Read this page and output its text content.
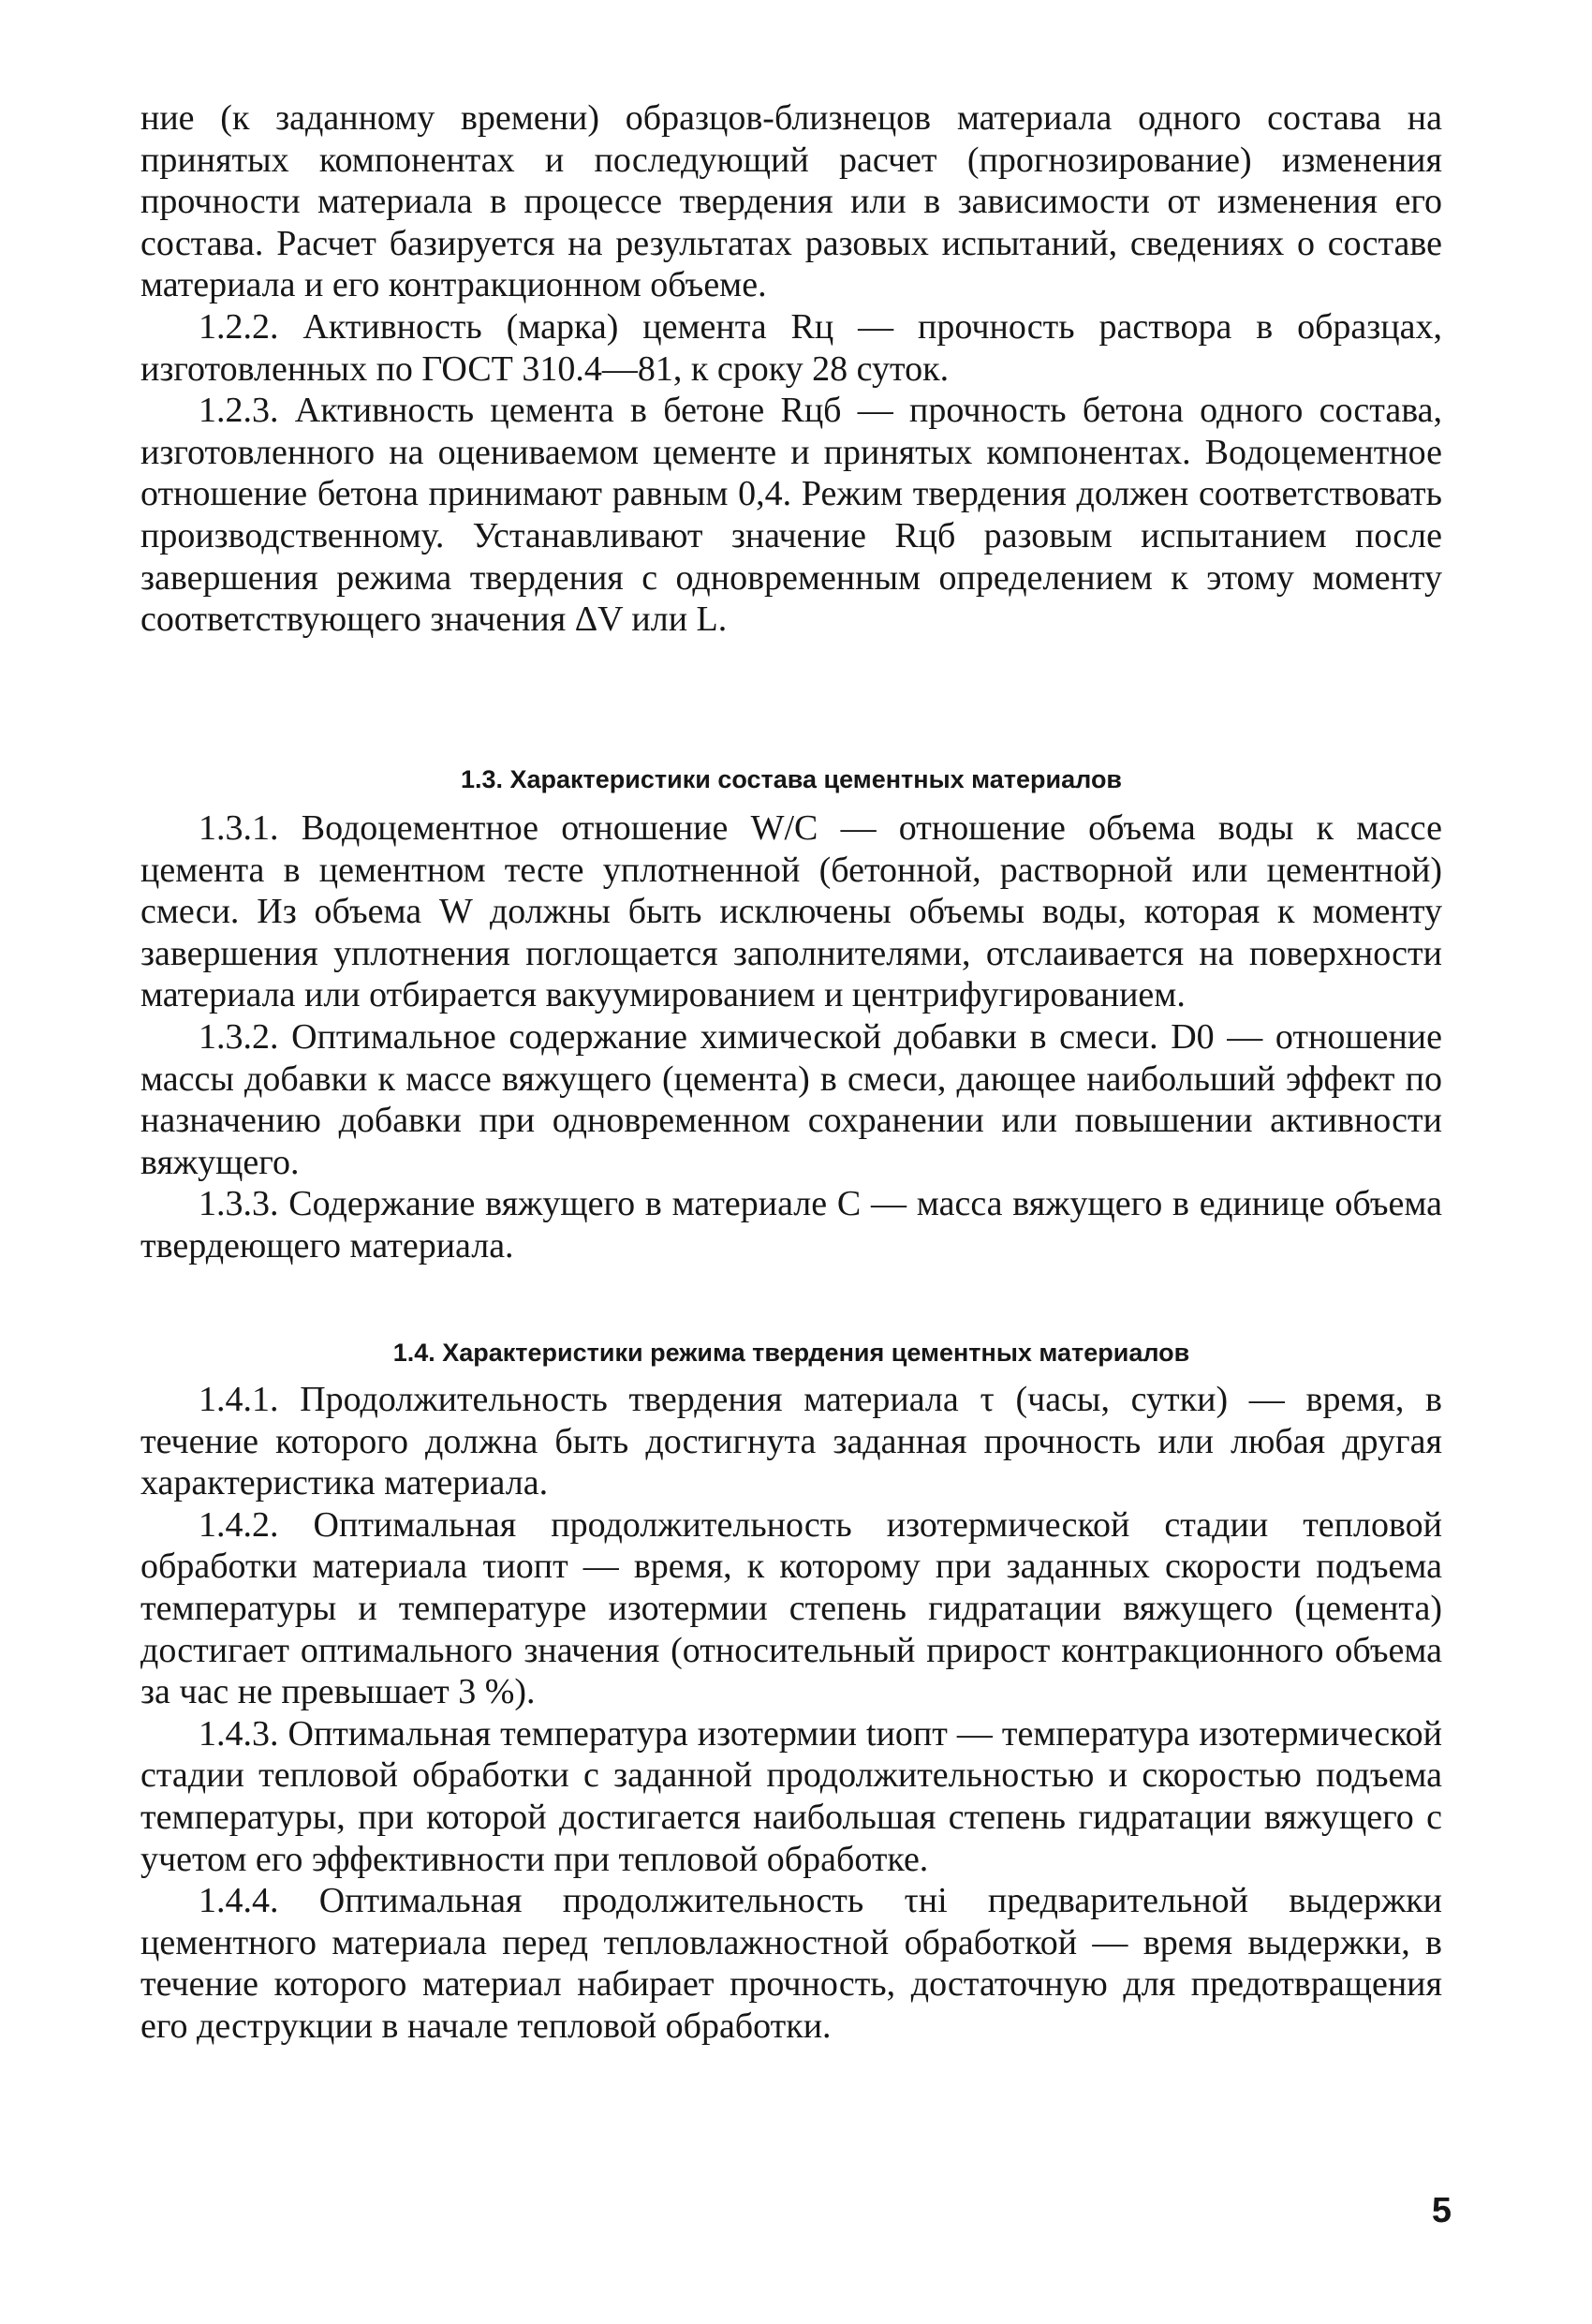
ние (к заданному времени) образцов-близнецов материала одного состава на принятых компонентах и последующий расчет (прогнозирование) изменения прочности материала в процессе твердения или в зависимости от изменения его состава. Расчет базируется на результатах разовых испытаний, сведениях о составе материала и его контракционном объеме.

1.2.2. Активность (марка) цемента Rц — прочность раствора в образцах, изготовленных по ГОСТ 310.4—81, к сроку 28 суток.

1.2.3. Активность цемента в бетоне Rцб — прочность бетона одного состава, изготовленного на оцениваемом цементе и принятых компонентах. Водоцементное отношение бетона принимают равным 0,4. Режим твердения должен соответствовать производственному. Устанавливают значение Rцб разовым испытанием после завершения режима твердения с одновременным определением к этому моменту соответствующего значения ΔV или L.

1.3. Характеристики состава цементных материалов

1.3.1. Водоцементное отношение W/C — отношение объема воды к массе цемента в цементном тесте уплотненной (бетонной, растворной или цементной) смеси. Из объема W должны быть исключены объемы воды, которая к моменту завершения уплотнения поглощается заполнителями, отслаивается на поверхности материала или отбирается вакуумированием и центрифугированием.

1.3.2. Оптимальное содержание химической добавки в смеси. D0 — отношение массы добавки к массе вяжущего (цемента) в смеси, дающее наибольший эффект по назначению добавки при одновременном сохранении или повышении активности вяжущего.

1.3.3. Содержание вяжущего в материале C — масса вяжущего в единице объема твердеющего материала.

1.4. Характеристики режима твердения цементных материалов

1.4.1. Продолжительность твердения материала τ (часы, сутки) — время, в течение которого должна быть достигнута заданная прочность или любая другая характеристика материала.

1.4.2. Оптимальная продолжительность изотермической стадии тепловой обработки материала τиопт — время, к которому при заданных скорости подъема температуры и температуре изотермии степень гидратации вяжущего (цемента) достигает оптимального значения (относительный прирост контракционного объема за час не превышает 3 %).

1.4.3. Оптимальная температура изотермии tиопт — температура изотермической стадии тепловой обработки с заданной продолжительностью и скоростью подъема температуры, при которой достигается наибольшая степень гидратации вяжущего с учетом его эффективности при тепловой обработке.

1.4.4. Оптимальная продолжительность τнi предварительной выдержки цементного материала перед тепловлажностной обработкой — время выдержки, в течение которого материал набирает прочность, достаточную для предотвращения его деструкции в начале тепловой обработки.

5
